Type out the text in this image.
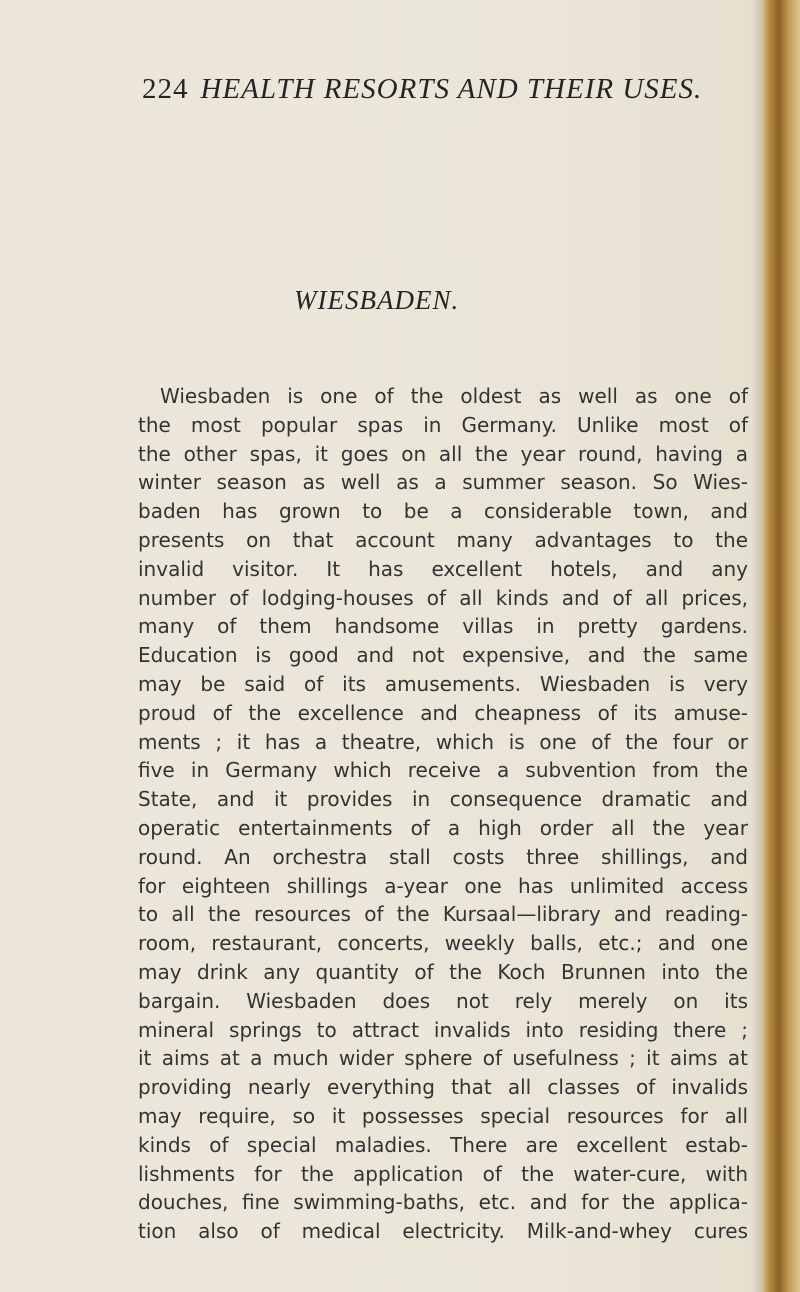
224 HEALTH RESORTS AND THEIR USES.
WIESBADEN.
Wiesbaden is one of the oldest as well as one of
the most popular spas in Germany. Unlike most of
the other spas, it goes on all the year round, having a
winter season as well as a summer season. So Wies-
baden has grown to be a considerable town, and
presents on that account many advantages to the
invalid visitor. It has excellent hotels, and any
number of lodging-houses of all kinds and of all prices,
many of them handsome villas in pretty gardens.
Education is good and not expensive, and the same
may be said of its amusements. Wiesbaden is very
proud of the excellence and cheapness of its amuse-
ments ; it has a theatre, which is one of the four or
five in Germany which receive a subvention from the
State, and it provides in consequence dramatic and
operatic entertainments of a high order all the year
round. An orchestra stall costs three shillings, and
for eighteen shillings a-year one has unlimited access
to all the resources of the Kursaal—library and reading-
room, restaurant, concerts, weekly balls, etc.; and one
may drink any quantity of the Koch Brunnen into the
bargain. Wiesbaden does not rely merely on its
mineral springs to attract invalids into residing there ;
it aims at a much wider sphere of usefulness ; it aims at
providing nearly everything that all classes of invalids
may require, so it possesses special resources for all
kinds of special maladies. There are excellent estab-
lishments for the application of the water-cure, with
douches, fine swimming-baths, etc. and for the applica-
tion also of medical electricity. Milk-and-whey cures
